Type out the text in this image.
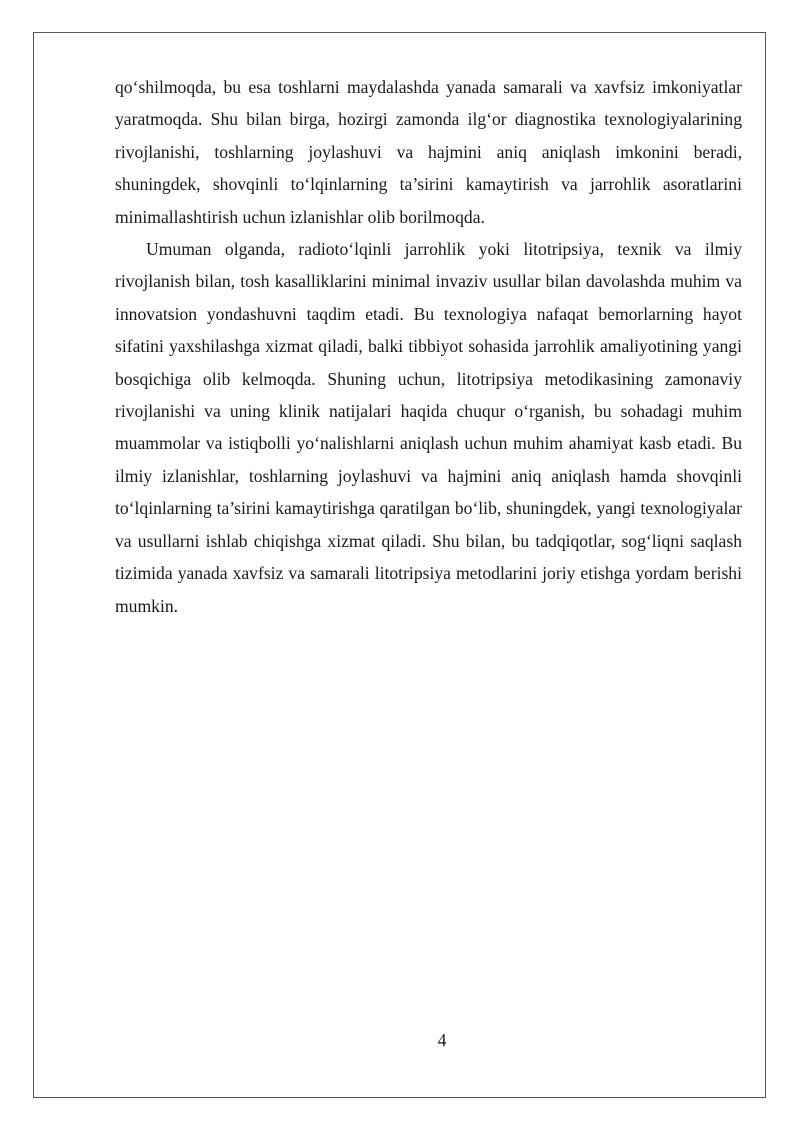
qo‘shilmoqda, bu esa toshlarni maydalashda yanada samarali va xavfsiz imkoniyatlar yaratmoqda. Shu bilan birga, hozirgi zamonda ilg‘or diagnostika texnologiyalarining rivojlanishi, toshlarning joylashuvi va hajmini aniq aniqlash imkonini beradi, shuningdek, shovqinli to‘lqinlarning ta’sirini kamaytirish va jarrohlik asoratlarini minimallashtirish uchun izlanishlar olib borilmoqda.

Umuman olganda, radioto‘lqinli jarrohlik yoki litotripsiya, texnik va ilmiy rivojlanish bilan, tosh kasalliklarini minimal invaziv usullar bilan davolashda muhim va innovatsion yondashuvni taqdim etadi. Bu texnologiya nafaqat bemorlarning hayot sifatini yaxshilashga xizmat qiladi, balki tibbiyot sohasida jarrohlik amaliyotining yangi bosqichiga olib kelmoqda. Shuning uchun, litotripsiya metodikasining zamonaviy rivojlanishi va uning klinik natijalari haqida chuqur o‘rganish, bu sohadagi muhim muammolar va istiqbolli yo‘nalishlarni aniqlash uchun muhim ahamiyat kasb etadi. Bu ilmiy izlanishlar, toshlarning joylashuvi va hajmini aniq aniqlash hamda shovqinli to‘lqinlarning ta’sirini kamaytirishga qaratilgan bo‘lib, shuningdek, yangi texnologiyalar va usullarni ishlab chiqishga xizmat qiladi. Shu bilan, bu tadqiqotlar, sog‘liqni saqlash tizimida yanada xavfsiz va samarali litotripsiya metodlarini joriy etishga yordam berishi mumkin.

4
